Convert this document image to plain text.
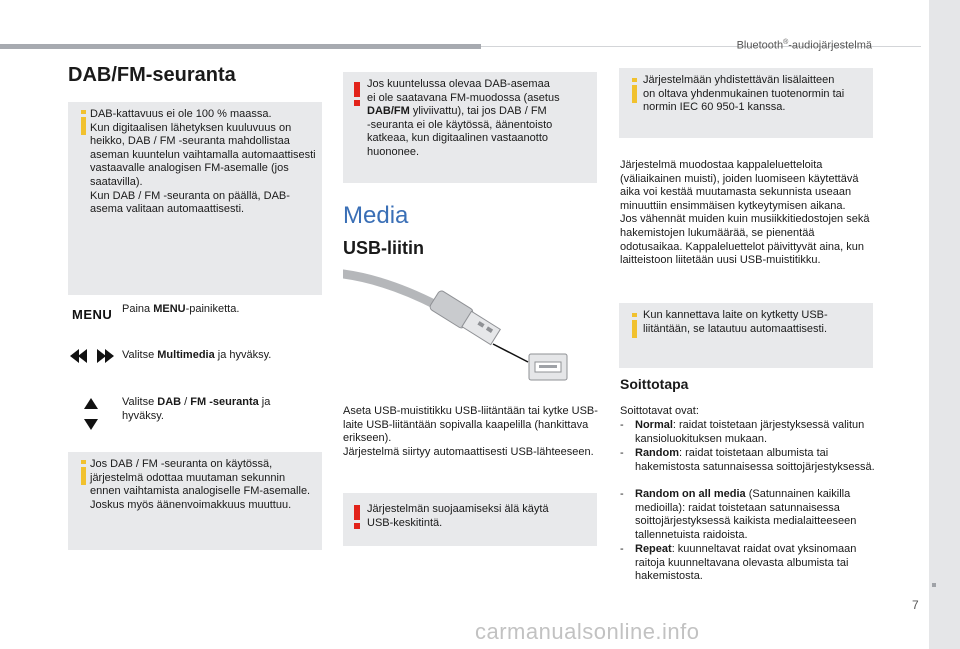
Bluetooth®-audiojärjestelmä
7
carmanualsonline.info
DAB/FM-seuranta
DAB-kattavuus ei ole 100 % maassa.
Kun digitaalisen lähetyksen kuuluvuus on heikko, DAB / FM -seuranta mahdollistaa aseman kuuntelun vaihtamalla automaattisesti vastaavalle analogisen FM-asemalle (jos saatavilla).
Kun DAB / FM -seuranta on päällä, DAB-asema valitaan automaattisesti.
MENU Paina MENU-painiketta.
Valitse Multimedia ja hyväksy.
Valitse DAB / FM -seuranta ja
hyväksy.
Jos DAB / FM -seuranta on käytössä, järjestelmä odottaa muutaman sekunnin ennen vaihtamista analogiselle FM-asemalle. Joskus myös äänenvoimakkuus muuttuu.
Jos kuuntelussa olevaa DAB-asemaa
ei ole saatavana FM-muodossa (asetus
DAB/FM yliviivattu), tai jos DAB / FM
-seuranta ei ole käytössä, äänentoisto
katkeaa, kun digitaalinen vastaanotto
huononee.
Media
USB-liitin
Aseta USB-muistitikku USB-liitäntään tai kytke USB-laite USB-liitäntään sopivalla kaapelilla (hankittava erikseen).
Järjestelmä siirtyy automaattisesti USB-lähteeseen.
Järjestelmän suojaamiseksi älä käytä
USB-keskitintä.
Järjestelmään yhdistettävän lisälaitteen
on oltava yhdenmukainen tuotenormin tai
normin IEC 60 950-1 kanssa.
Järjestelmä muodostaa kappaleluetteloita (väliaikainen muisti), joiden luomiseen käytettävä aika voi kestää muutamasta sekunnista useaan minuuttiin ensimmäisen kytkeytymisen aikana.
Jos vähennät muiden kuin musiikkitiedostojen sekä hakemistojen lukumäärää, se pienentää odotusaikaa. Kappaleluettelot päivittyvät aina, kun laitteistoon liitetään uusi USB-muistitikku.
Kun kannettava laite on kytketty USB-
liitäntään, se latautuu automaattisesti.
Soittotapa
Soittotavat ovat:
- Normal: raidat toistetaan järjestyksessä valitun kansioluokituksen mukaan.
- Random: raidat toistetaan albumista tai hakemistosta satunnaisessa soittojärjestyksessä.
- Random on all media (Satunnainen kaikilla medioilla): raidat toistetaan satunnaisessa soittojärjestyksessä kaikista medialaitteeseen tallennetuista raidoista.
- Repeat: kuunneltavat raidat ovat yksinomaan raitoja kuunneltavana olevasta albumista tai hakemistosta.
